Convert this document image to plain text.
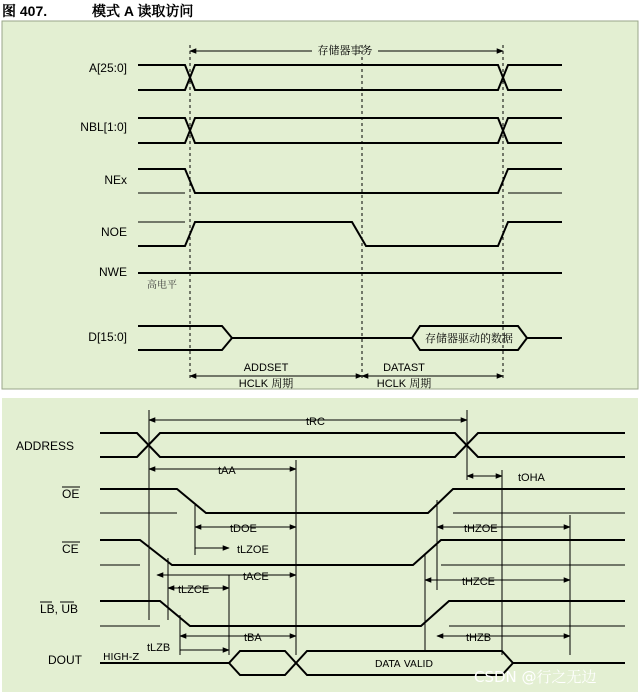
图 407.	模式 A 读取访问
存储器事务
A[25:0]
NBL[1:0]
NEx
NOE
NWE
D[15:0]
高电平
存储器驱动的数据
ADDSET
HCLK 周期
DATAST
HCLK 周期
ADDRESS
OE
CE
LB, UB
DOUT
tRC
tAA
tOHA
tDOE
tLZOE
tHZOE
tACE
tLZCE
tHZCE
tBA
tLZB
tHZB
HIGH-Z
DATA VALID
CSDN @行之无边
